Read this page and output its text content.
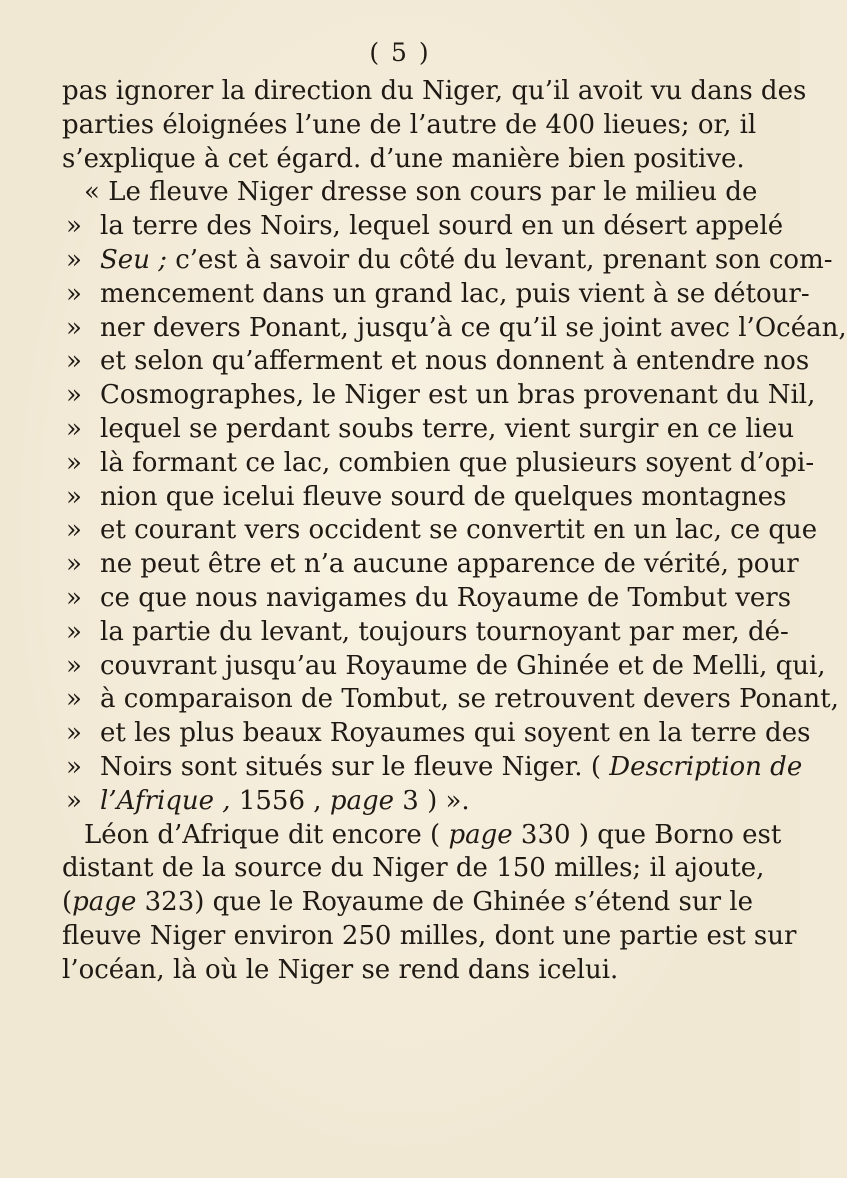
( 5 )
pas ignorer la direction du Niger, qu’il avoit vu dans des
parties éloignées l’une de l’autre de 400 lieues; or, il
s’explique à cet égard. d’une manière bien positive.
« Le fleuve Niger dresse son cours par le milieu de
» la terre des Noirs, lequel sourd en un désert appelé
» Seu ; c’est à savoir du côté du levant, prenant son com-
» mencement dans un grand lac, puis vient à se détour-
» ner devers Ponant, jusqu’à ce qu’il se joint avec l’Océan,
» et selon qu’afferment et nous donnent à entendre nos
» Cosmographes, le Niger est un bras provenant du Nil,
» lequel se perdant soubs terre, vient surgir en ce lieu
» là formant ce lac, combien que plusieurs soyent d’opi-
» nion que icelui fleuve sourd de quelques montagnes
» et courant vers occident se convertit en un lac, ce que
» ne peut être et n’a aucune apparence de vérité, pour
» ce que nous navigames du Royaume de Tombut vers
» la partie du levant, toujours tournoyant par mer, dé-
» couvrant jusqu’au Royaume de Ghinée et de Melli, qui,
» à comparaison de Tombut, se retrouvent devers Ponant,
» et les plus beaux Royaumes qui soyent en la terre des
» Noirs sont situés sur le fleuve Niger. ( Description de
» l’Afrique , 1556 , page 3 ) ».
Léon d’Afrique dit encore ( page 330 ) que Borno est
distant de la source du Niger de 150 milles; il ajoute,
(page 323) que le Royaume de Ghinée s’étend sur le
fleuve Niger environ 250 milles, dont une partie est sur
l’océan, là où le Niger se rend dans icelui.
